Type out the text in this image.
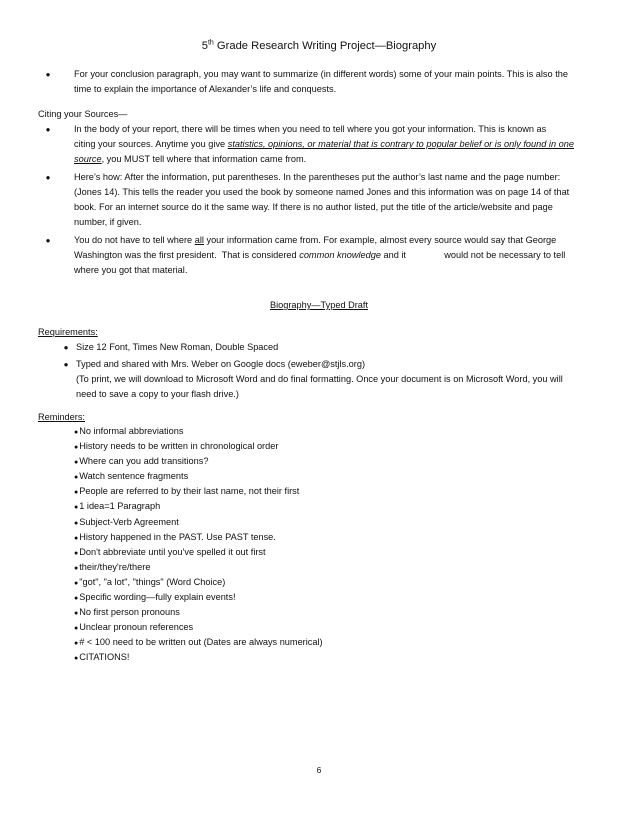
5th Grade Research Writing Project—Biography
●	For your conclusion paragraph, you may want to summarize (in different words) some of your main points. This is also the
time to explain the importance of Alexander’s life and conquests.
Citing your Sources—
●	In the body of your report, there will be times when you need to tell where you got your information. This is known as
citing your sources. Anytime you give statistics, opinions, or material that is contrary to popular belief or is only found in one
source, you MUST tell where that information came from.
●	Here’s how: After the information, put parentheses. In the parentheses put the author’s last name and the page number:
(Jones 14). This tells the reader you used the book by someone named Jones and this information was on page 14 of that
book. For an internet source do it the same way. If there is no author listed, put the title of the article/website and page
number, if given.
●	You do not have to tell where all your information came from. For example, almost every source would say that George
Washington was the first president.  That is considered common knowledge and it               would not be necessary to tell
where you got that material.
Biography—Typed Draft
Requirements:
● Size 12 Font, Times New Roman, Double Spaced
● Typed and shared with Mrs. Weber on Google docs (eweber@stjls.org)
(To print, we will download to Microsoft Word and do final formatting. Once your document is on Microsoft Word, you will
need to save a copy to your flash drive.)
Reminders:
●No informal abbreviations
●History needs to be written in chronological order
●Where can you add transitions?
●Watch sentence fragments
●People are referred to by their last name, not their first
●1 idea=1 Paragraph
●Subject-Verb Agreement
●History happened in the PAST. Use PAST tense.
●Don't abbreviate until you've spelled it out first
●their/they're/there
●"got", "a lot", "things" (Word Choice)
●Specific wording—fully explain events!
●No first person pronouns
●Unclear pronoun references
●# < 100 need to be written out (Dates are always numerical)
●CITATIONS!
6
